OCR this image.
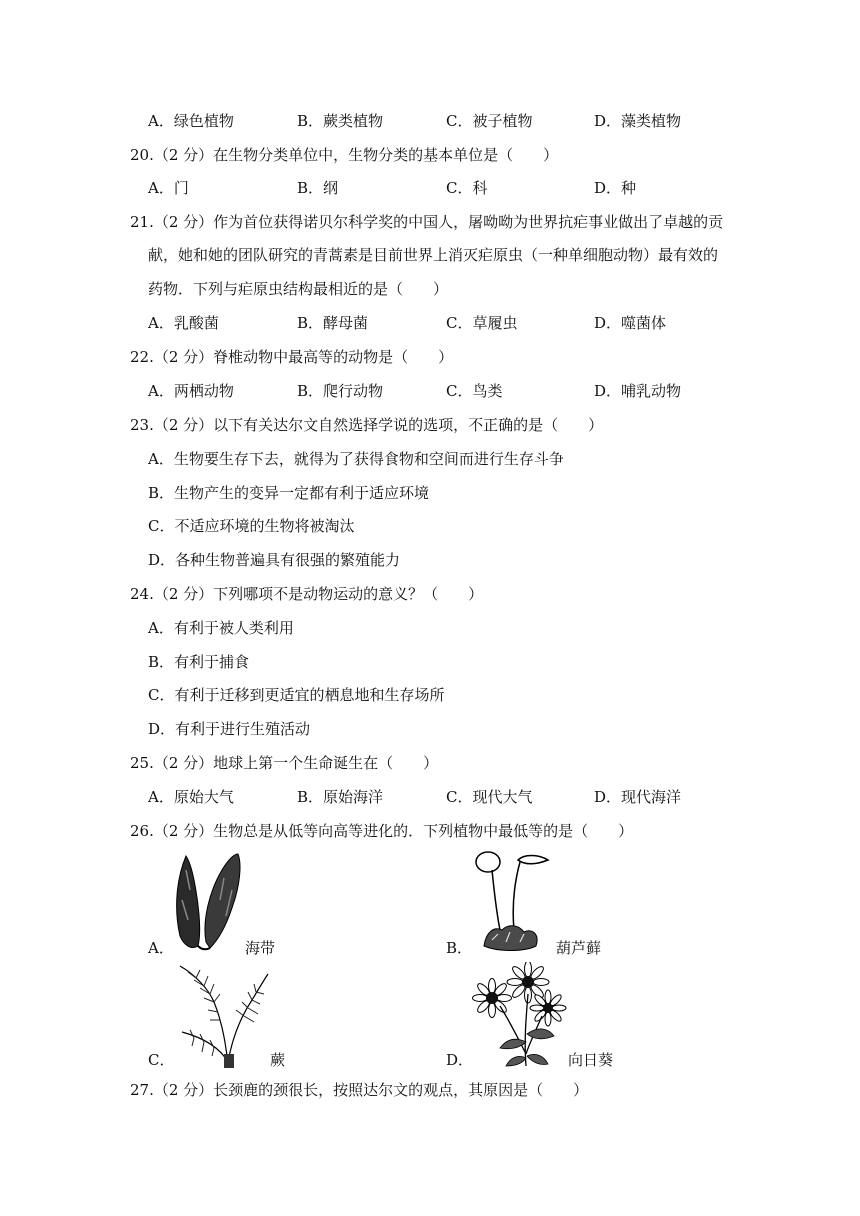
A．绿色植物	B．蕨类植物	C．被子植物	D．藻类植物
20.（2 分）在生物分类单位中，生物分类的基本单位是（　　）
A．门	B．纲	C．科	D．种
21.（2 分）作为首位获得诺贝尔科学奖的中国人，屠呦呦为世界抗疟事业做出了卓越的贡
献，她和她的团队研究的青蒿素是目前世界上消灭疟原虫（一种单细胞动物）最有效的
药物．下列与疟原虫结构最相近的是（　　）
A．乳酸菌	B．酵母菌	C．草履虫	D．噬菌体
22.（2 分）脊椎动物中最高等的动物是（　　）
A．两栖动物	B．爬行动物	C．鸟类	D．哺乳动物
23.（2 分）以下有关达尔文自然选择学说的选项，不正确的是（　　）
A．生物要生存下去，就得为了获得食物和空间而进行生存斗争
B．生物产生的变异一定都有利于适应环境
C．不适应环境的生物将被淘汰
D．各种生物普遍具有很强的繁殖能力
24.（2 分）下列哪项不是动物运动的意义？（　　）
A．有利于被人类利用
B．有利于捕食
C．有利于迁移到更适宜的栖息地和生存场所
D．有利于进行生殖活动
25.（2 分）地球上第一个生命诞生在（　　）
A．原始大气	B．原始海洋	C．现代大气	D．现代海洋
26.（2 分）生物总是从低等向高等进化的．下列植物中最低等的是（　　）
A．	海带	B．	葫芦藓
C．	蕨	D．	向日葵
27.（2 分）长颈鹿的颈很长，按照达尔文的观点，其原因是（　　）
